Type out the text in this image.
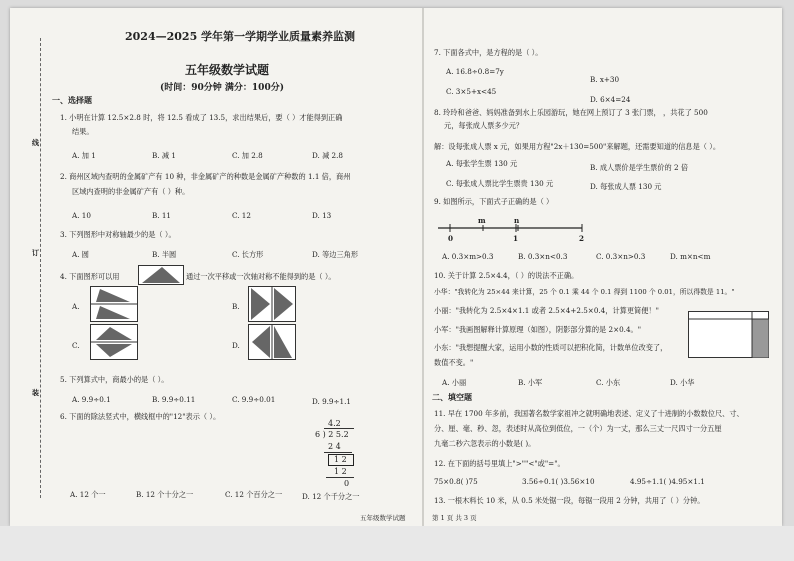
线
订
装
2024—2025 学年第一学期学业质量素养监测
五年级数学试题
(时间：90分钟 满分：100分)
一、选择题
1. 小明在计算 12.5×2.8 时，将 12.5 看成了 13.5，求出结果后，要（ ）才能得到正确
结果。
A. 加 1	B. 减 1	C. 加 2.8	D. 减 2.8
2. 商州区域内查明的金属矿产有 10 种，非金属矿产的种数是金属矿产种数的 1.1 倍，商州
区域内查明的非金属矿产有（ ）种。
A. 10	B. 11	C. 12	D. 13
3. 下列图形中对称轴最少的是（ ）。
A. 圆	B. 半圆	C. 长方形	D. 等边三角形
4. 下面图形可以用	通过一次平移或一次轴对称不能得到的是（ ）。
A.	B.
C.	D.
5. 下列算式中，商最小的是（ ）。
A. 9.9÷0.1	B. 9.9÷0.11	C. 9.9÷0.01	D. 9.9÷1.1
6. 下面的除法竖式中，横线框中的"12"表示（ ）。
4.2
6 ) 2 5.2
2 4
1 2
1 2
0
A. 12 个一	B. 12 个十分之一	C. 12 个百分之一	D. 12 个千分之一
五年级数学试题
7. 下面各式中，是方程的是（ ）。
A. 16.8÷0.8=7y
B. x+30
C. 3×5+x<45
D. 6×4=24
8. 玲玲和爸爸、妈妈准备到水上乐园游玩，她在网上预订了 3 张门票， ，共花了 500
元，每张成人票多少元？
解：设每张成人票 x 元，如果用方程"2x＋130=500"来解题，还需要知道的信息是（ ）。
A. 每张学生票 130 元	B. 成人票价是学生票价的 2 倍
C. 每张成人票比学生票贵 130 元	D. 每张成人票 130 元
9. 如图所示，下面式子正确的是（ ）
m	n
0	1	2
A. 0.3×m>0.3	B. 0.3×n<0.3	C. 0.3×n>0.3	D. m×n<m
10. 关于计算 2.5×4.4，（ ）的说法不正确。
小华："我转化为 25×44 来计算，25 个 0.1 乘 44 个 0.1 得到 1100 个 0.01，所以得数是 11。"
小丽："我转化为 2.5×4×1.1 或者 2.5×4+2.5×0.4，计算更简便！"
小军："我画图解释计算原理（如图），阴影部分算的是 2×0.4。"
小东："我想提醒大家，运用小数的性质可以把积化简，计数单位改变了，
数值不变。"
A. 小丽	B. 小军	C. 小东	D. 小华
二、填空题
11. 早在 1700 年多前，我国著名数学家祖冲之就明确地表述、定义了十进制的小数数位尺、寸、
分、厘、毫、秒、忽，表述时从高位到低位，一（个）为一丈，那么三丈一尺四寸一分五厘
九毫二秒六忽表示的小数是( )。
12. 在下面的括号里填上">""<"或"="。
75×0.8( )75	3.56÷0.1( )3.56×10	4.95÷1.1( )4.95×1.1
13. 一根木料长 10 米，从 0.5 米处锯一段，每锯一段用 2 分钟，共用了（ ）分钟。
第 1 页 共 3 页
